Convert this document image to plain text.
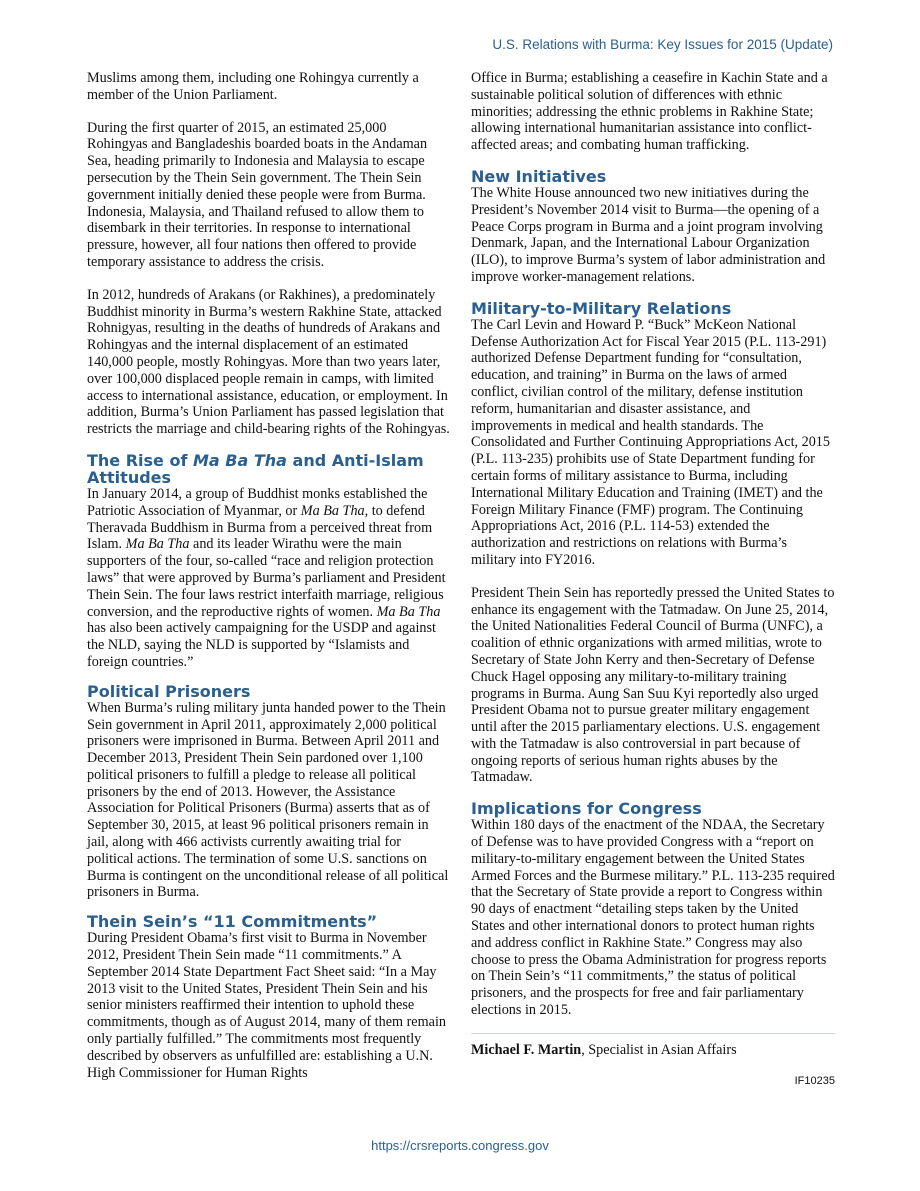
U.S. Relations with Burma: Key Issues for 2015 (Update)

Muslims among them, including one Rohingya currently a member of the Union Parliament.

During the first quarter of 2015, an estimated 25,000 Rohingyas and Bangladeshis boarded boats in the Andaman Sea, heading primarily to Indonesia and Malaysia to escape persecution by the Thein Sein government. The Thein Sein government initially denied these people were from Burma. Indonesia, Malaysia, and Thailand refused to allow them to disembark in their territories. In response to international pressure, however, all four nations then offered to provide temporary assistance to address the crisis.

In 2012, hundreds of Arakans (or Rakhines), a predominately Buddhist minority in Burma’s western Rakhine State, attacked Rohnigyas, resulting in the deaths of hundreds of Arakans and Rohingyas and the internal displacement of an estimated 140,000 people, mostly Rohingyas. More than two years later, over 100,000 displaced people remain in camps, with limited access to international assistance, education, or employment. In addition, Burma’s Union Parliament has passed legislation that restricts the marriage and child-bearing rights of the Rohingyas.

The Rise of Ma Ba Tha and Anti-Islam Attitudes

In January 2014, a group of Buddhist monks established the Patriotic Association of Myanmar, or Ma Ba Tha, to defend Theravada Buddhism in Burma from a perceived threat from Islam. Ma Ba Tha and its leader Wirathu were the main supporters of the four, so-called “race and religion protection laws” that were approved by Burma’s parliament and President Thein Sein. The four laws restrict interfaith marriage, religious conversion, and the reproductive rights of women. Ma Ba Tha has also been actively campaigning for the USDP and against the NLD, saying the NLD is supported by “Islamists and foreign countries.”

Political Prisoners

When Burma’s ruling military junta handed power to the Thein Sein government in April 2011, approximately 2,000 political prisoners were imprisoned in Burma. Between April 2011 and December 2013, President Thein Sein pardoned over 1,100 political prisoners to fulfill a pledge to release all political prisoners by the end of 2013. However, the Assistance Association for Political Prisoners (Burma) asserts that as of September 30, 2015, at least 96 political prisoners remain in jail, along with 466 activists currently awaiting trial for political actions. The termination of some U.S. sanctions on Burma is contingent on the unconditional release of all political prisoners in Burma.

Thein Sein’s “11 Commitments”

During President Obama’s first visit to Burma in November 2012, President Thein Sein made “11 commitments.” A September 2014 State Department Fact Sheet said: “In a May 2013 visit to the United States, President Thein Sein and his senior ministers reaffirmed their intention to uphold these commitments, though as of August 2014, many of them remain only partially fulfilled.” The commitments most frequently described by observers as unfulfilled are: establishing a U.N. High Commissioner for Human Rights

Office in Burma; establishing a ceasefire in Kachin State and a sustainable political solution of differences with ethnic minorities; addressing the ethnic problems in Rakhine State; allowing international humanitarian assistance into conflict-affected areas; and combating human trafficking.

New Initiatives

The White House announced two new initiatives during the President’s November 2014 visit to Burma—the opening of a Peace Corps program in Burma and a joint program involving Denmark, Japan, and the International Labour Organization (ILO), to improve Burma’s system of labor administration and improve worker-management relations.

Military-to-Military Relations

The Carl Levin and Howard P. “Buck” McKeon National Defense Authorization Act for Fiscal Year 2015 (P.L. 113-291) authorized Defense Department funding for “consultation, education, and training” in Burma on the laws of armed conflict, civilian control of the military, defense institution reform, humanitarian and disaster assistance, and improvements in medical and health standards. The Consolidated and Further Continuing Appropriations Act, 2015 (P.L. 113-235) prohibits use of State Department funding for certain forms of military assistance to Burma, including International Military Education and Training (IMET) and the Foreign Military Finance (FMF) program. The Continuing Appropriations Act, 2016 (P.L. 114-53) extended the authorization and restrictions on relations with Burma’s military into FY2016.

President Thein Sein has reportedly pressed the United States to enhance its engagement with the Tatmadaw. On June 25, 2014, the United Nationalities Federal Council of Burma (UNFC), a coalition of ethnic organizations with armed militias, wrote to Secretary of State John Kerry and then-Secretary of Defense Chuck Hagel opposing any military-to-military training programs in Burma. Aung San Suu Kyi reportedly also urged President Obama not to pursue greater military engagement until after the 2015 parliamentary elections. U.S. engagement with the Tatmadaw is also controversial in part because of ongoing reports of serious human rights abuses by the Tatmadaw.

Implications for Congress

Within 180 days of the enactment of the NDAA, the Secretary of Defense was to have provided Congress with a “report on military-to-military engagement between the United States Armed Forces and the Burmese military.” P.L. 113-235 required that the Secretary of State provide a report to Congress within 90 days of enactment “detailing steps taken by the United States and other international donors to protect human rights and address conflict in Rakhine State.” Congress may also choose to press the Obama Administration for progress reports on Thein Sein’s “11 commitments,” the status of political prisoners, and the prospects for free and fair parliamentary elections in 2015.

Michael F. Martin, Specialist in Asian Affairs
IF10235
https://crsreports.congress.gov
